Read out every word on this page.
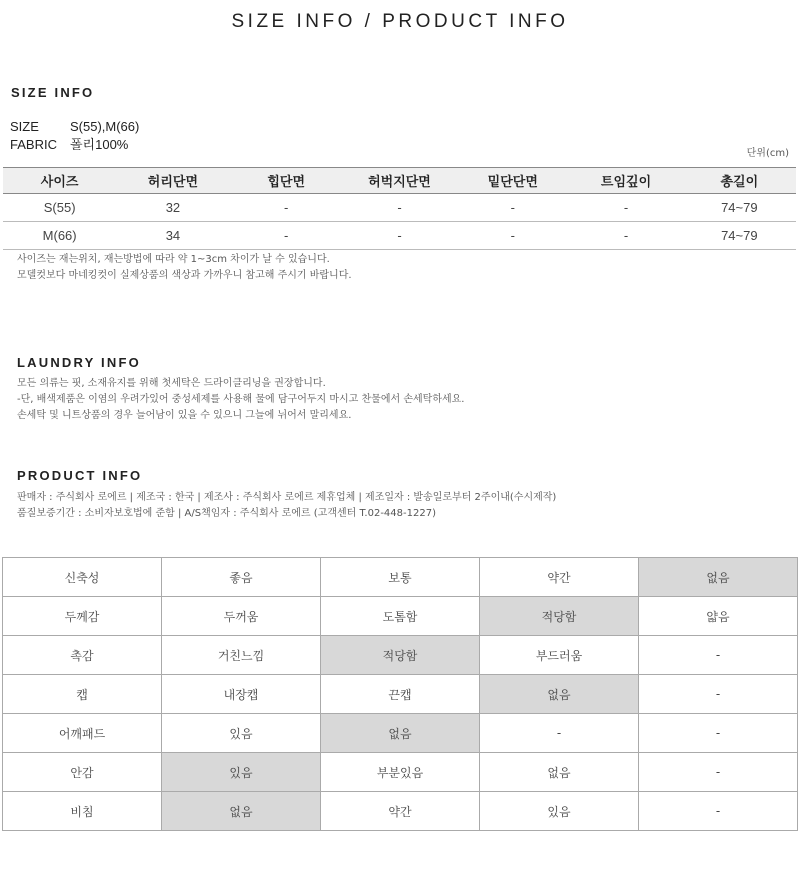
SIZE INFO / PRODUCT INFO
SIZE INFO
SIZE S(55),M(66)
FABRIC 폴리100%
단위(cm)
사이즈	허리단면	힙단면	허벅지단면	밑단단면	트임깊이	총길이
S(55)	32	-	-	-	-	74~79
M(66)	34	-	-	-	-	74~79
사이즈는 재는위치, 재는방법에 따라 약 1~3cm 차이가 날 수 있습니다.
모델컷보다 마네킹컷이 실제상품의 색상과 가까우니 참고해 주시기 바랍니다.
LAUNDRY INFO
모든 의류는 핏, 소재유지를 위해 첫세탁은 드라이클리닝을 권장합니다.
-단, 배색제품은 이염의 우려가있어 중성세제를 사용해 물에 담구어두지 마시고 찬물에서 손세탁하세요.
손세탁 및 니트상품의 경우 늘어남이 있을 수 있으니 그늘에 뉘어서 말리세요.
PRODUCT INFO
판매자 : 주식회사 로에르 | 제조국 : 한국 | 제조사 : 주식회사 로에르 제휴업체 | 제조일자 : 발송일로부터 2주이내(수시제작)
품질보증기간 : 소비자보호법에 준함 | A/S책임자 : 주식회사 로에르 (고객센터 T.02-448-1227)
신축성	좋음	보통	약간	없음
두께감	두꺼움	도톰함	적당함	얇음
촉감	거친느낌	적당함	부드러움	-
캡	내장캡	끈캡	없음	-
어깨패드	있음	없음	-	-
안감	있음	부분있음	없음	-
비침	없음	약간	있음	-
